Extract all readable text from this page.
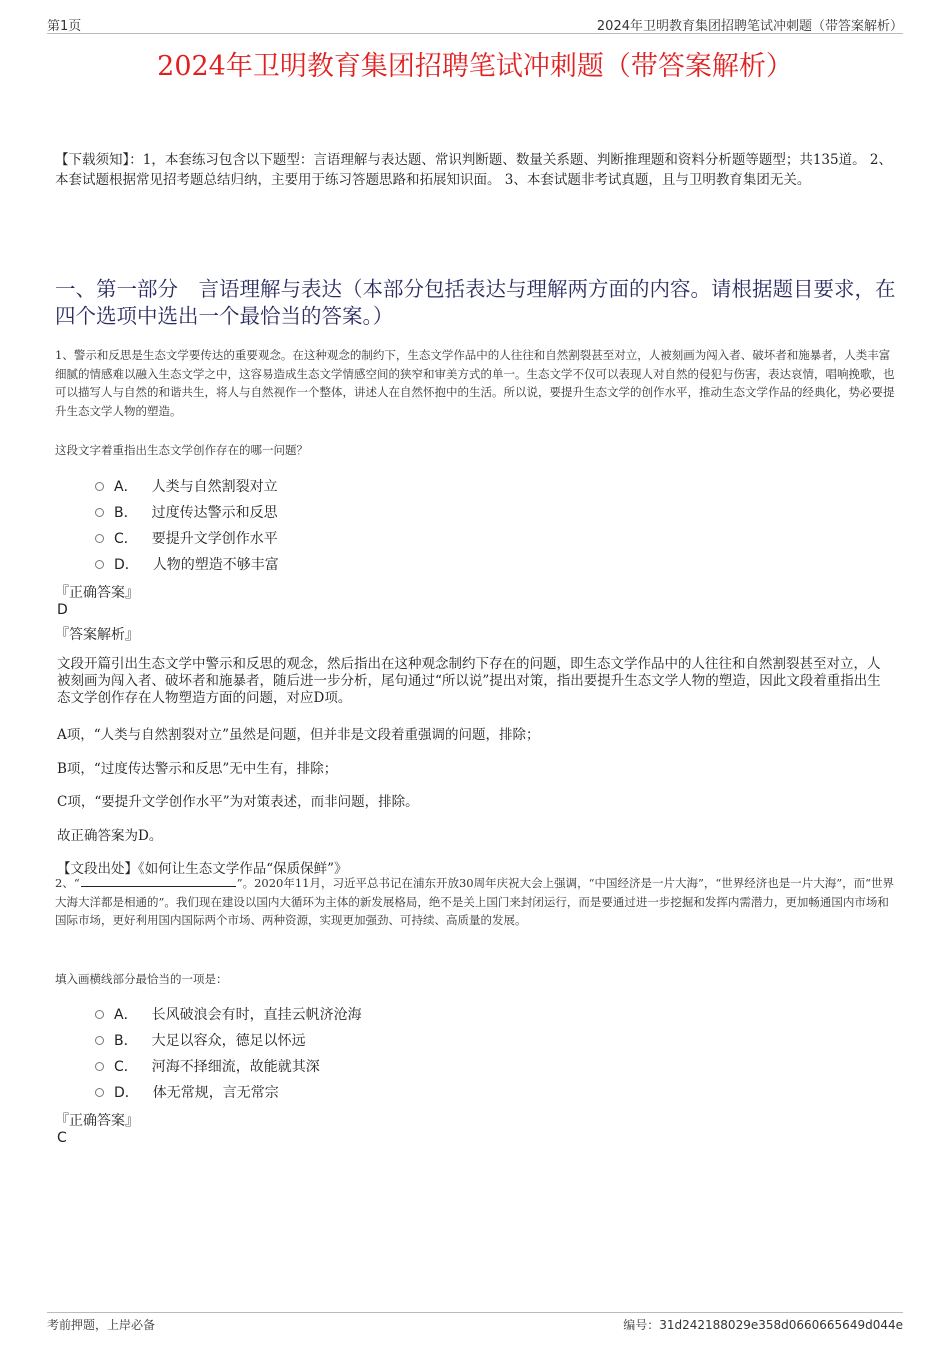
第1页	2024年卫明教育集团招聘笔试冲刺题（带答案解析）
2024年卫明教育集团招聘笔试冲刺题（带答案解析）
【下载须知】：1，本套练习包含以下题型：言语理解与表达题、常识判断题、数量关系题、判断推理题和资料分析题等题型；共135道。 2、本套试题根据常见招考题总结归纳，主要用于练习答题思路和拓展知识面。 3、本套试题非考试真题，且与卫明教育集团无关。
一、第一部分　言语理解与表达（本部分包括表达与理解两方面的内容。请根据题目要求，在四个选项中选出一个最恰当的答案。）
1、警示和反思是生态文学要传达的重要观念。在这种观念的制约下，生态文学作品中的人往往和自然割裂甚至对立，人被刻画为闯入者、破坏者和施暴者，人类丰富细腻的情感难以融入生态文学之中，这容易造成生态文学情感空间的狭窄和审美方式的单一。生态文学不仅可以表现人对自然的侵犯与伤害，表达哀情，唱响挽歌，也可以描写人与自然的和谐共生，将人与自然视作一个整体，讲述人在自然怀抱中的生活。所以说，要提升生态文学的创作水平，推动生态文学作品的经典化，势必要提升生态文学人物的塑造。
这段文字着重指出生态文学创作存在的哪一问题？
A． 人类与自然割裂对立
B． 过度传达警示和反思
C． 要提升文学创作水平
D． 人物的塑造不够丰富
『正确答案』
D
『答案解析』
文段开篇引出生态文学中警示和反思的观念，然后指出在这种观念制约下存在的问题，即生态文学作品中的人往往和自然割裂甚至对立，人被刻画为闯入者、破坏者和施暴者，随后进一步分析，尾句通过“所以说”提出对策，指出要提升生态文学人物的塑造，因此文段着重指出生态文学创作存在人物塑造方面的问题，对应D项。
A项，“人类与自然割裂对立”虽然是问题，但并非是文段着重强调的问题，排除；
B项，“过度传达警示和反思”无中生有，排除；
C项，“要提升文学创作水平”为对策表述，而非问题，排除。
故正确答案为D。
【文段出处】《如何让生态文学作品“保质保鲜”》
2、“	”。2020年11月，习近平总书记在浦东开放30周年庆祝大会上强调，“中国经济是一片大海”，“世界经济也是一片大海”，而“世界大海大洋都是相通的”。我们现在建设以国内大循环为主体的新发展格局，绝不是关上国门来封闭运行，而是要通过进一步挖掘和发挥内需潜力，更加畅通国内市场和国际市场，更好利用国内国际两个市场、两种资源，实现更加强劲、可持续、高质量的发展。
填入画横线部分最恰当的一项是：
A． 长风破浪会有时，直挂云帆济沧海
B． 大足以容众，德足以怀远
C． 河海不择细流，故能就其深
D． 体无常规，言无常宗
『正确答案』
C
考前押题，上岸必备	编号：31d242188029e358d0660665649d044e
